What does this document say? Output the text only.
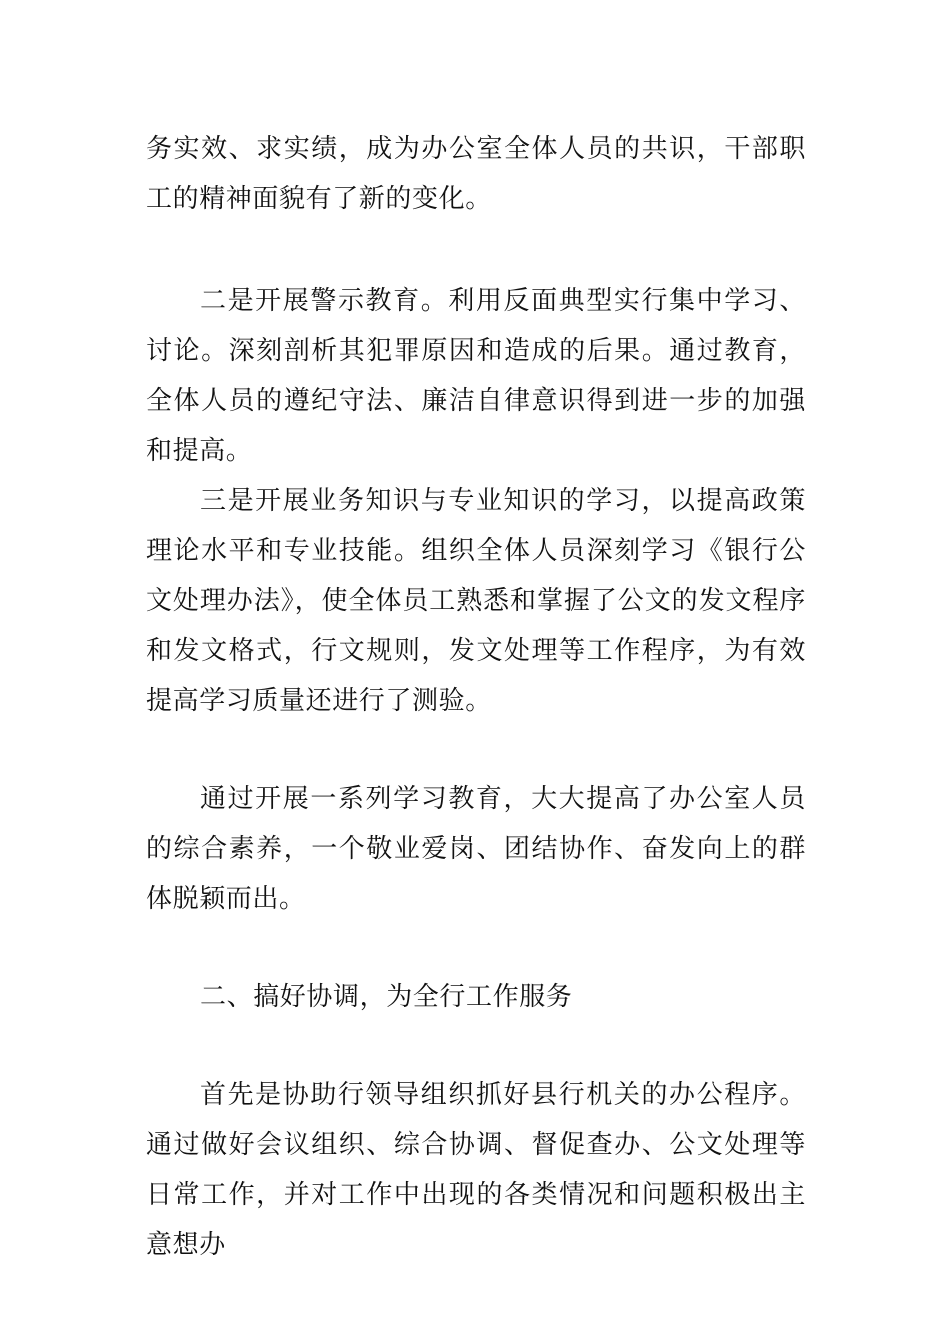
务实效、求实绩，成为办公室全体人员的共识，干部职工的精神面貌有了新的变化。

二是开展警示教育。利用反面典型实行集中学习、讨论。深刻剖析其犯罪原因和造成的后果。通过教育，全体人员的遵纪守法、廉洁自律意识得到进一步的加强和提高。

三是开展业务知识与专业知识的学习，以提高政策理论水平和专业技能。组织全体人员深刻学习《银行公文处理办法》，使全体员工熟悉和掌握了公文的发文程序和发文格式，行文规则，发文处理等工作程序，为有效提高学习质量还进行了测验。

通过开展一系列学习教育，大大提高了办公室人员的综合素养，一个敬业爱岗、团结协作、奋发向上的群体脱颖而出。

二、搞好协调，为全行工作服务

首先是协助行领导组织抓好县行机关的办公程序。通过做好会议组织、综合协调、督促查办、公文处理等日常工作，并对工作中出现的各类情况和问题积极出主意想办
